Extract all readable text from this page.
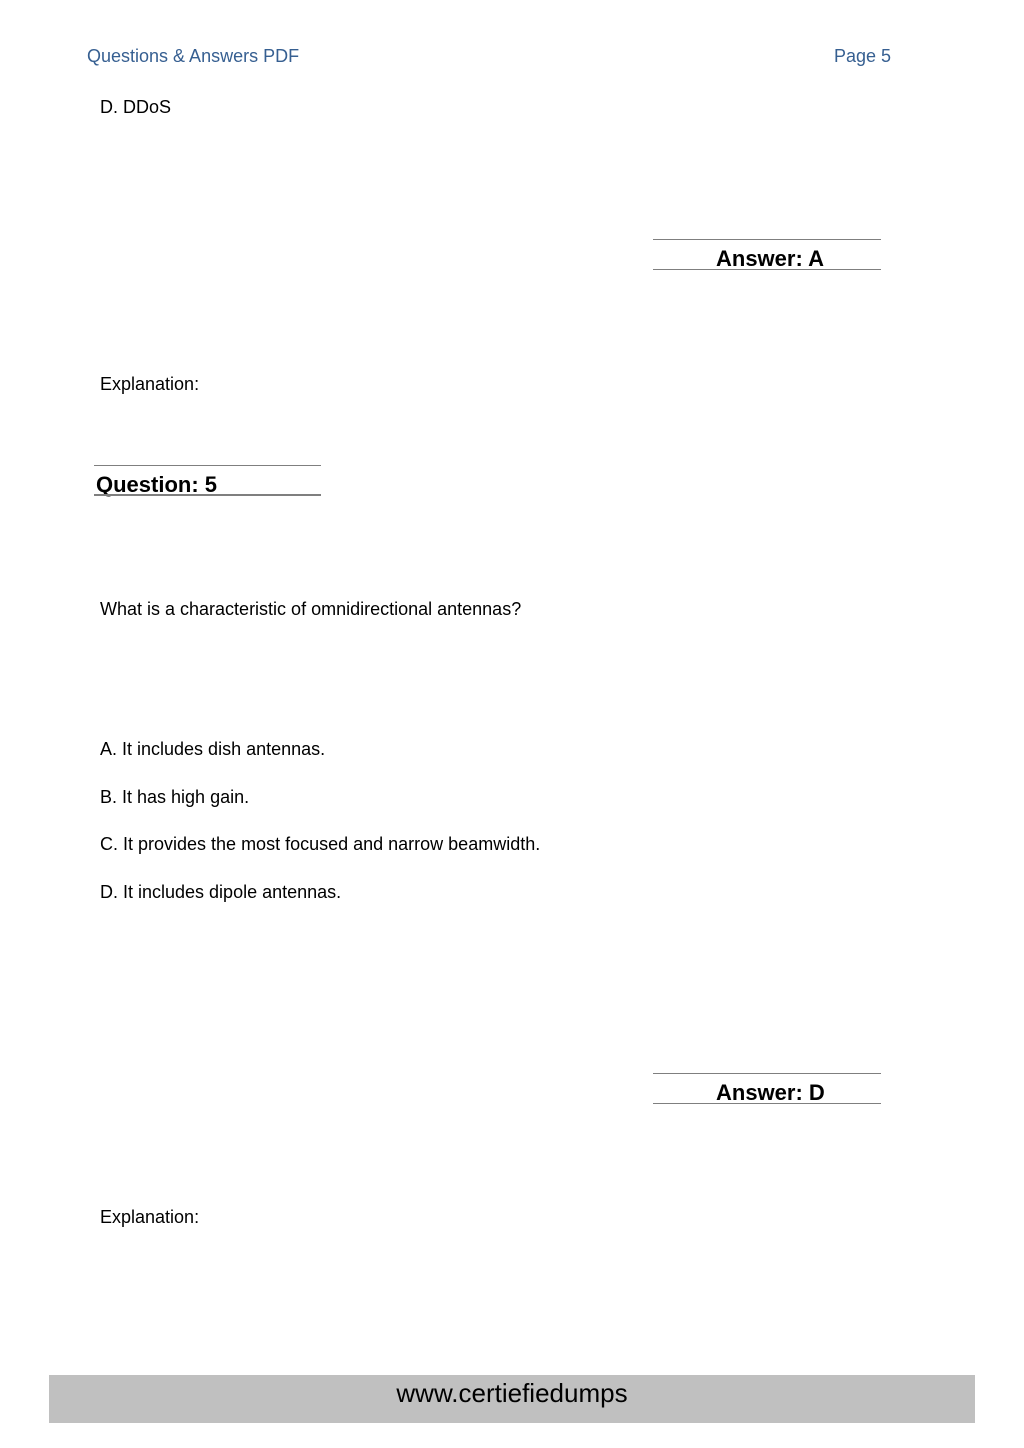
Questions & Answers PDF	Page 5
D. DDoS
Answer: A
Explanation:
Question: 5
What is a characteristic of omnidirectional antennas?
A. It includes dish antennas.
B. It has high gain.
C. It provides the most focused and narrow beamwidth.
D. It includes dipole antennas.
Answer: D
Explanation:
www.certiefiedumps
